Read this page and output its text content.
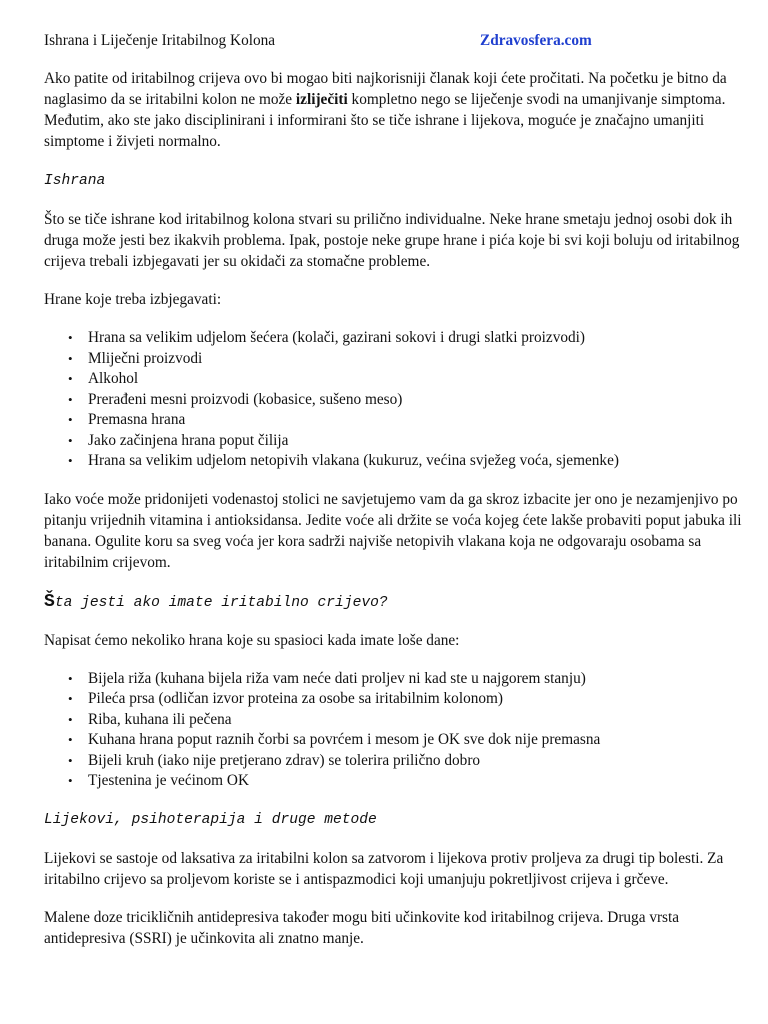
Ishrana i Liječenje Iritabilnog Kolona	Zdravosfera.com

Ako patite od iritabilnog crijeva ovo bi mogao biti najkorisniji članak koji ćete pročitati. Na početku je bitno da naglasimo da se iritabilni kolon ne može izliječiti kompletno nego se liječenje svodi na umanjivanje simptoma. Međutim, ako ste jako disciplinirani i informirani što se tiče ishrane i lijekova, moguće je značajno umanjiti simptome i živjeti normalno.

Ishrana

Što se tiče ishrane kod iritabilnog kolona stvari su prilično individualne. Neke hrane smetaju jednoj osobi dok ih druga može jesti bez ikakvih problema. Ipak, postoje neke grupe hrane i pića koje bi svi koji boluju od iritabilnog crijeva trebali izbjegavati jer su okidači za stomačne probleme.

Hrane koje treba izbjegavati:

• Hrana sa velikim udjelom šećera (kolači, gazirani sokovi i drugi slatki proizvodi)
• Mliječni proizvodi
• Alkohol
• Prerađeni mesni proizvodi (kobasice, sušeno meso)
• Premasna hrana
• Jako začinjena hrana poput čilija
• Hrana sa velikim udjelom netopivih vlakana (kukuruz, većina svježeg voća, sjemenke)

Iako voće može pridonijeti vodenastoj stolici ne savjetujemo vam da ga skroz izbacite jer ono je nezamjenjivo po pitanju vrijednih vitamina i antioksidansa. Jedite voće ali držite se voća kojeg ćete lakše probaviti poput jabuka ili banana. Ogulite koru sa sveg voća jer kora sadrži najviše netopivih vlakana koja ne odgovaraju osobama sa iritabilnim crijevom.

Šta jesti ako imate iritabilno crijevo?

Napisat ćemo nekoliko hrana koje su spasioci kada imate loše dane:

• Bijela riža (kuhana bijela riža vam neće dati proljev ni kad ste u najgorem stanju)
• Pileća prsa (odličan izvor proteina za osobe sa iritabilnim kolonom)
• Riba, kuhana ili pečena
• Kuhana hrana poput raznih čorbi sa povrćem i mesom je OK sve dok nije premasna
• Bijeli kruh (iako nije pretjerano zdrav) se tolerira prilično dobro
• Tjestenina je većinom OK
Lijekovi, psihoterapija i druge metode

Lijekovi se sastoje od laksativa za iritabilni kolon sa zatvorom i lijekova protiv proljeva za drugi tip bolesti. Za iritabilno crijevo sa proljevom koriste se i antispazmodici koji umanjuju pokretljivost crijeva i grčeve.

Malene doze tricikličnih antidepresiva također mogu biti učinkovite kod iritabilnog crijeva. Druga vrsta antidepresiva (SSRI) je učinkovita ali znatno manje.
